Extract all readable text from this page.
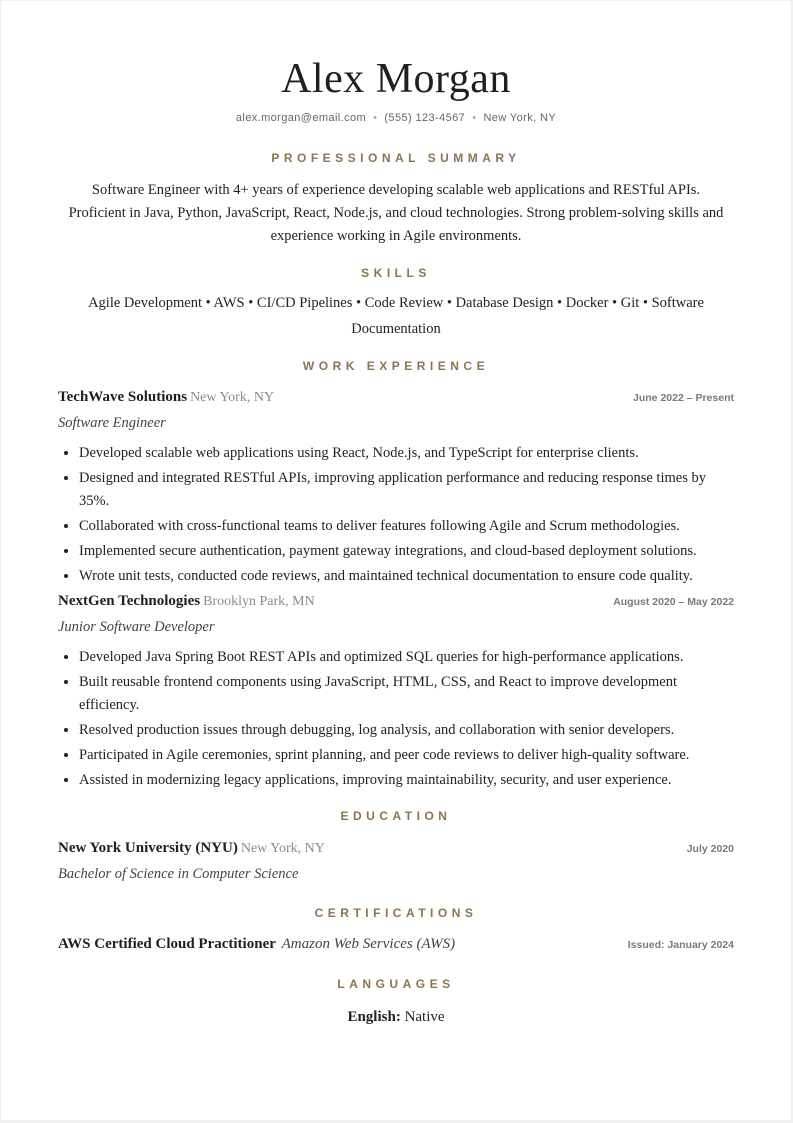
Alex Morgan
alex.morgan@email.com • (555) 123-4567 • New York, NY
PROFESSIONAL SUMMARY

Software Engineer with 4+ years of experience developing scalable web applications and RESTful APIs. Proficient in Java, Python, JavaScript, React, Node.js, and cloud technologies. Strong problem-solving skills and experience working in Agile environments.

SKILLS

Agile Development • AWS • CI/CD Pipelines • Code Review • Database Design • Docker • Git • Software Documentation

WORK EXPERIENCE
TechWave Solutions New York, NY	June 2022 – Present
Software Engineer
• Developed scalable web applications using React, Node.js, and TypeScript for enterprise clients.
• Designed and integrated RESTful APIs, improving application performance and reducing response times by 35%.
• Collaborated with cross-functional teams to deliver features following Agile and Scrum methodologies.
• Implemented secure authentication, payment gateway integrations, and cloud-based deployment solutions.
• Wrote unit tests, conducted code reviews, and maintained technical documentation to ensure code quality.
NextGen Technologies Brooklyn Park, MN	August 2020 – May 2022
Junior Software Developer
• Developed Java Spring Boot REST APIs and optimized SQL queries for high-performance applications.
• Built reusable frontend components using JavaScript, HTML, CSS, and React to improve development efficiency.
• Resolved production issues through debugging, log analysis, and collaboration with senior developers.
• Participated in Agile ceremonies, sprint planning, and peer code reviews to deliver high-quality software.
• Assisted in modernizing legacy applications, improving maintainability, security, and user experience.
EDUCATION
New York University (NYU) New York, NY	July 2020
Bachelor of Science in Computer Science
CERTIFICATIONS
AWS Certified Cloud Practitioner Amazon Web Services (AWS)	Issued: January 2024
LANGUAGES
English: Native
